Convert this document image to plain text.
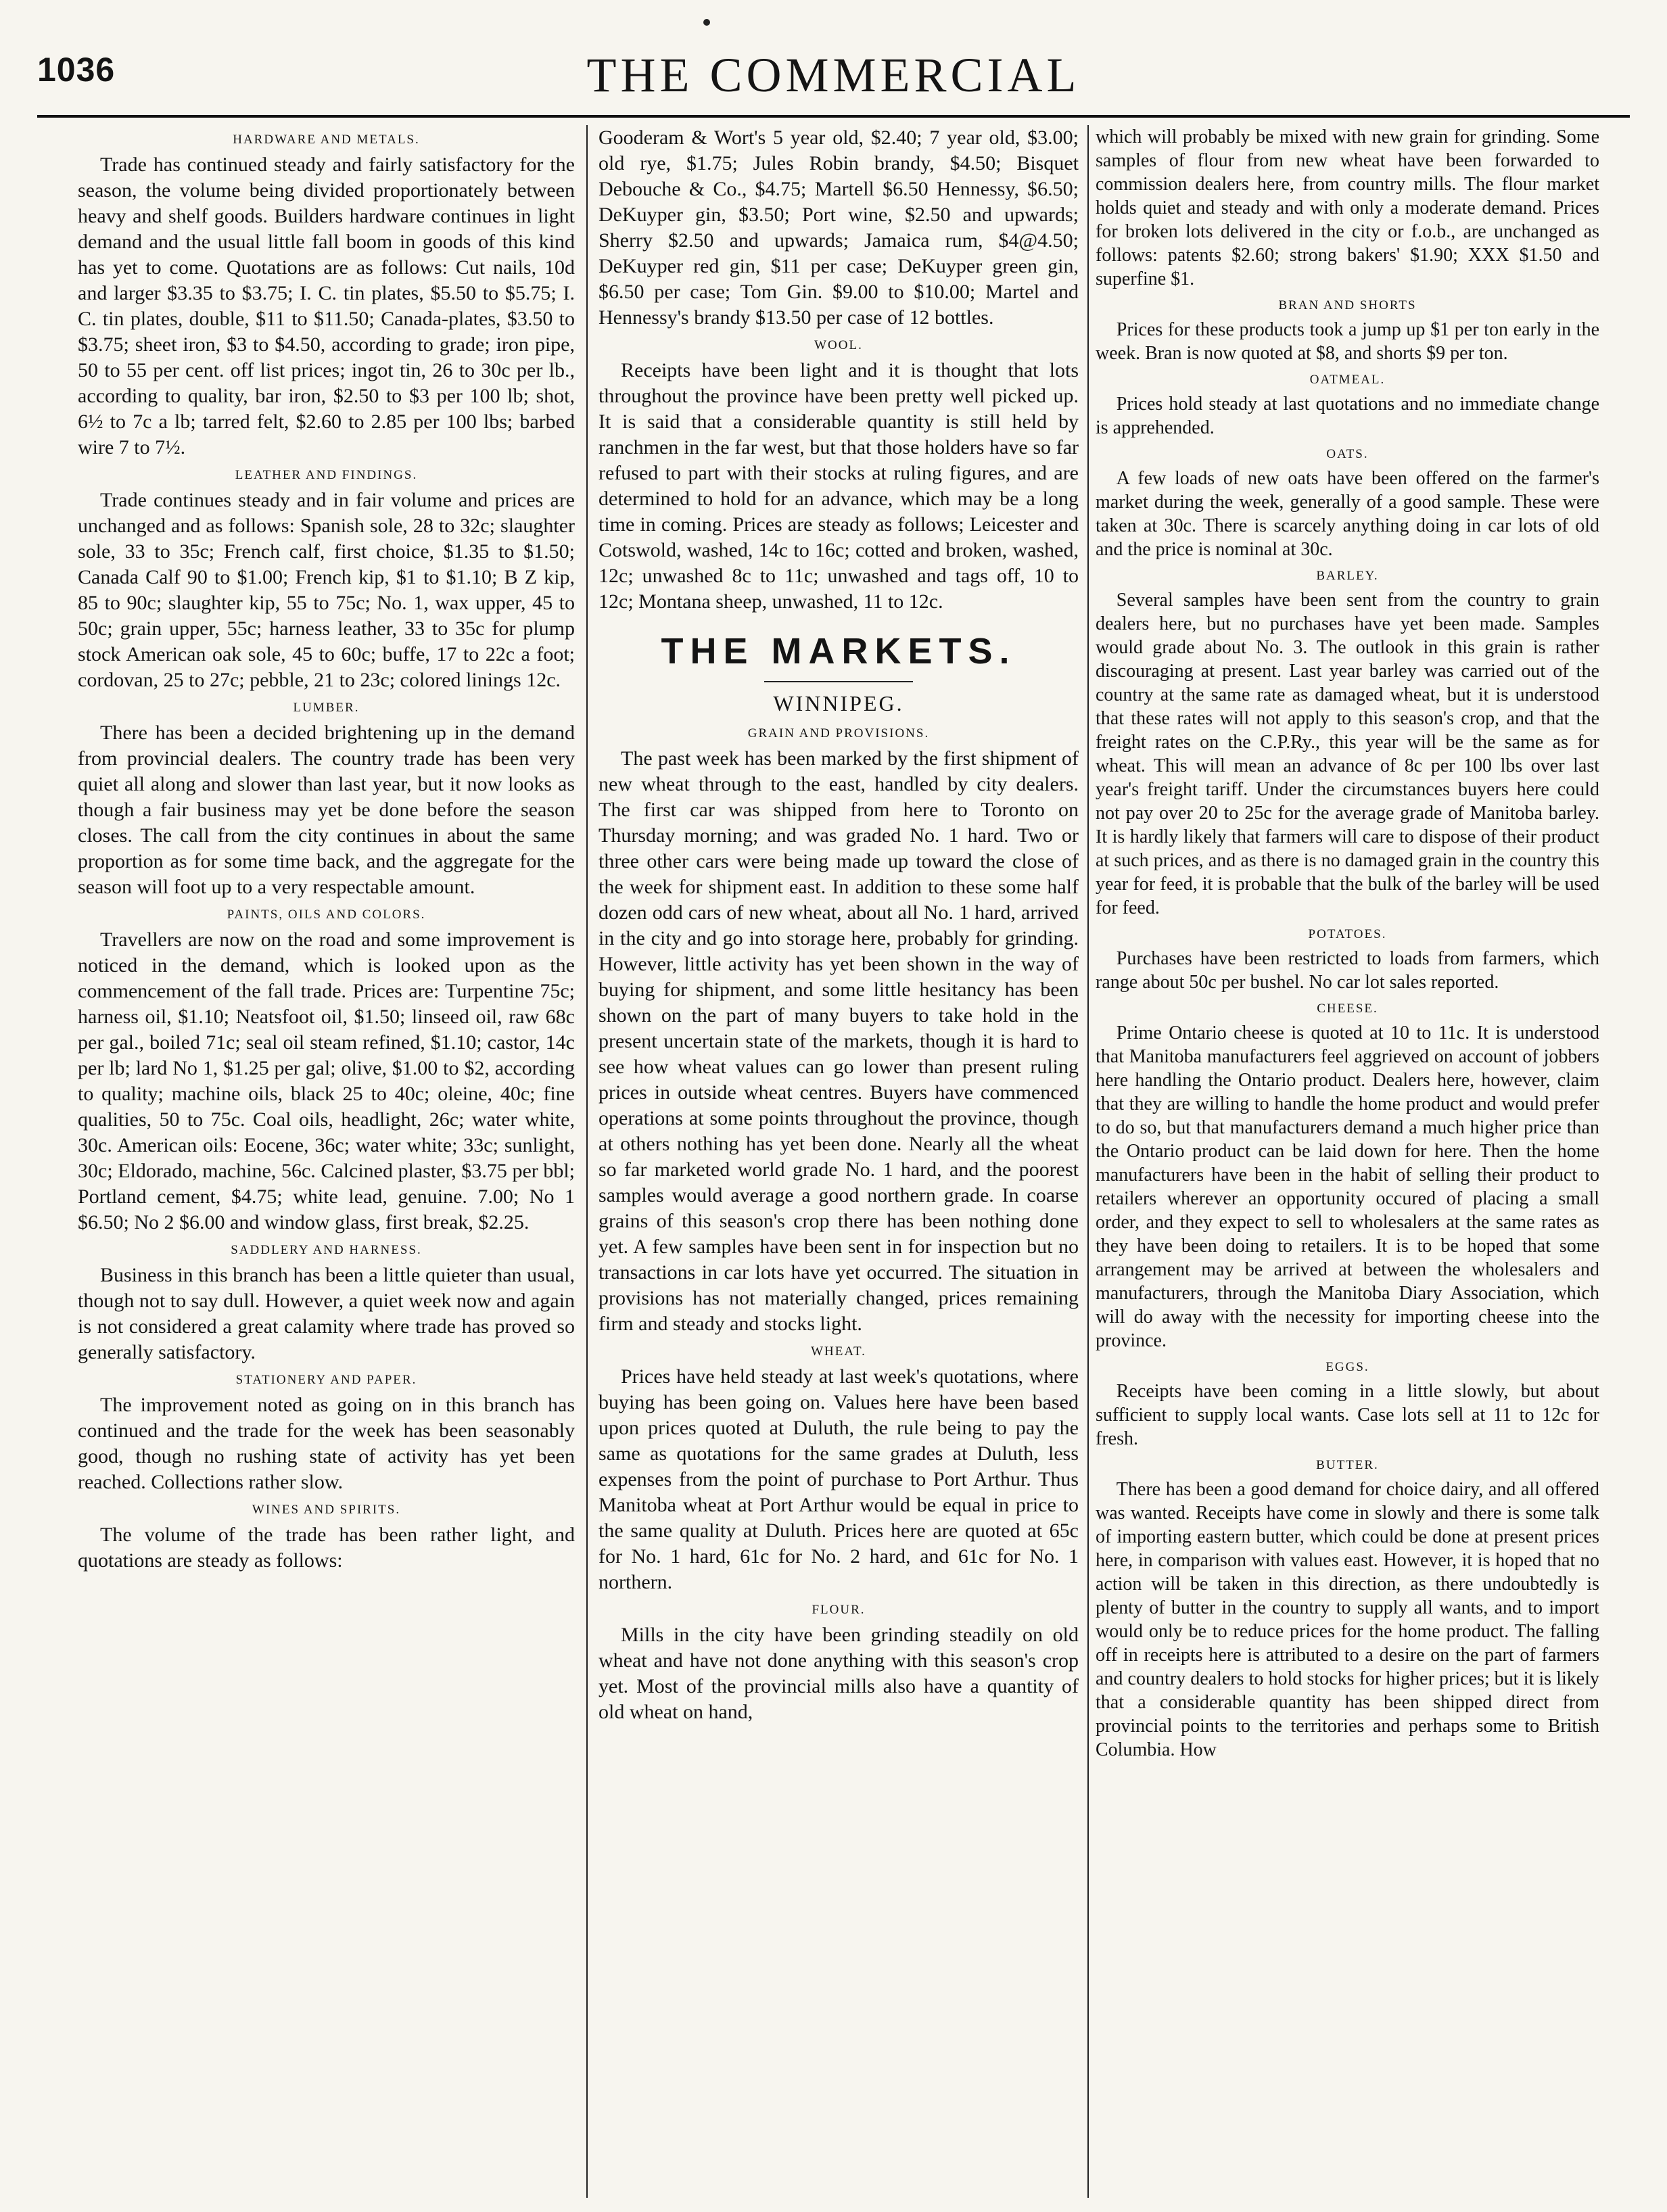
1036	THE COMMERCIAL
HARDWARE AND METALS.

Trade has continued steady and fairly satisfactory for the season, the volume being divided proportionately between heavy and shelf goods. Builders hardware continues in light demand and the usual little fall boom in goods of this kind has yet to come. Quotations are as follows: Cut nails, 10d and larger $3.35 to $3.75; I. C. tin plates, $5.50 to $5.75; I. C. tin plates, double, $11 to $11.50; Canada-plates, $3.50 to $3.75; sheet iron, $3 to $4.50, according to grade; iron pipe, 50 to 55 per cent. off list prices; ingot tin, 26 to 30c per lb., according to quality, bar iron, $2.50 to $3 per 100 lb; shot, 6½ to 7c a lb; tarred felt, $2.60 to 2.85 per 100 lbs; barbed wire 7 to 7½.

LEATHER AND FINDINGS.

Trade continues steady and in fair volume and prices are unchanged and as follows: Spanish sole, 28 to 32c; slaughter sole, 33 to 35c; French calf, first choice, $1.35 to $1.50; Canada Calf 90 to $1.00; French kip, $1 to $1.10; B Z kip, 85 to 90c; slaughter kip, 55 to 75c; No. 1, wax upper, 45 to 50c; grain upper, 55c; harness leather, 33 to 35c for plump stock American oak sole, 45 to 60c; buffe, 17 to 22c a foot; cordovan, 25 to 27c; pebble, 21 to 23c; colored linings 12c.

LUMBER.

There has been a decided brightening up in the demand from provincial dealers. The country trade has been very quiet all along and slower than last year, but it now looks as though a fair business may yet be done before the season closes. The call from the city continues in about the same proportion as for some time back, and the aggregate for the season will foot up to a very respectable amount.

PAINTS, OILS AND COLORS.

Travellers are now on the road and some improvement is noticed in the demand, which is looked upon as the commencement of the fall trade. Prices are: Turpentine 75c; harness oil, $1.10; Neatsfoot oil, $1.50; linseed oil, raw 68c per gal., boiled 71c; seal oil steam refined, $1.10; castor, 14c per lb; lard No 1, $1.25 per gal; olive, $1.00 to $2, according to quality; machine oils, black 25 to 40c; oleine, 40c; fine qualities, 50 to 75c. Coal oils, headlight, 26c; water white, 30c. American oils: Eocene, 36c; water white; 33c; sunlight, 30c; Eldorado, machine, 56c. Calcined plaster, $3.75 per bbl; Portland cement, $4.75; white lead, genuine. 7.00; No 1 $6.50; No 2 $6.00 and window glass, first break, $2.25.

SADDLERY AND HARNESS.

Business in this branch has been a little quieter than usual, though not to say dull. However, a quiet week now and again is not considered a great calamity where trade has proved so generally satisfactory.

STATIONERY AND PAPER.

The improvement noted as going on in this branch has continued and the trade for the week has been seasonably good, though no rushing state of activity has yet been reached. Collections rather slow.

WINES AND SPIRITS.

The volume of the trade has been rather light, and quotations are steady as follows:

Gooderam & Wort's 5 year old, $2.40; 7 year old, $3.00; old rye, $1.75; Jules Robin brandy, $4.50; Bisquet Debouche & Co., $4.75; Martell $6.50 Hennessy, $6.50; DeKuyper gin, $3.50; Port wine, $2.50 and upwards; Sherry $2.50 and upwards; Jamaica rum, $4@4.50; DeKuyper red gin, $11 per case; DeKuyper green gin, $6.50 per case; Tom Gin. $9.00 to $10.00; Martel and Hennessy's brandy $13.50 per case of 12 bottles.

WOOL.

Receipts have been light and it is thought that lots throughout the province have been pretty well picked up. It is said that a considerable quantity is still held by ranchmen in the far west, but that those holders have so far refused to part with their stocks at ruling figures, and are determined to hold for an advance, which may be a long time in coming. Prices are steady as follows; Leicester and Cotswold, washed, 14c to 16c; cotted and broken, washed, 12c; unwashed 8c to 11c; unwashed and tags off, 10 to 12c; Montana sheep, unwashed, 11 to 12c.

THE MARKETS.
WINNIPEG.
GRAIN AND PROVISIONS.

The past week has been marked by the first shipment of new wheat through to the east, handled by city dealers. The first car was shipped from here to Toronto on Thursday morning; and was graded No. 1 hard. Two or three other cars were being made up toward the close of the week for shipment east. In addition to these some half dozen odd cars of new wheat, about all No. 1 hard, arrived in the city and go into storage here, probably for grinding. However, little activity has yet been shown in the way of buying for shipment, and some little hesitancy has been shown on the part of many buyers to take hold in the present uncertain state of the markets, though it is hard to see how wheat values can go lower than present ruling prices in outside wheat centres. Buyers have commenced operations at some points throughout the province, though at others nothing has yet been done. Nearly all the wheat so far marketed world grade No. 1 hard, and the poorest samples would average a good northern grade. In coarse grains of this season's crop there has been nothing done yet. A few samples have been sent in for inspection but no transactions in car lots have yet occurred. The situation in provisions has not materially changed, prices remaining firm and steady and stocks light.

WHEAT.

Prices have held steady at last week's quotations, where buying has been going on. Values here have been based upon prices quoted at Duluth, the rule being to pay the same as quotations for the same grades at Duluth, less expenses from the point of purchase to Port Arthur. Thus Manitoba wheat at Port Arthur would be equal in price to the same quality at Duluth. Prices here are quoted at 65c for No. 1 hard, 61c for No. 2 hard, and 61c for No. 1 northern.

FLOUR.

Mills in the city have been grinding steadily on old wheat and have not done anything with this season's crop yet. Most of the provincial mills also have a quantity of old wheat on hand,

which will probably be mixed with new grain for grinding. Some samples of flour from new wheat have been forwarded to commission dealers here, from country mills. The flour market holds quiet and steady and with only a moderate demand. Prices for broken lots delivered in the city or f.o.b., are unchanged as follows: patents $2.60; strong bakers' $1.90; XXX $1.50 and superfine $1.

BRAN AND SHORTS

Prices for these products took a jump up $1 per ton early in the week. Bran is now quoted at $8, and shorts $9 per ton.

OATMEAL.

Prices hold steady at last quotations and no immediate change is apprehended.

OATS.

A few loads of new oats have been offered on the farmer's market during the week, generally of a good sample. These were taken at 30c. There is scarcely anything doing in car lots of old and the price is nominal at 30c.

BARLEY.

Several samples have been sent from the country to grain dealers here, but no purchases have yet been made. Samples would grade about No. 3. The outlook in this grain is rather discouraging at present. Last year barley was carried out of the country at the same rate as damaged wheat, but it is understood that these rates will not apply to this season's crop, and that the freight rates on the C.P.Ry., this year will be the same as for wheat. This will mean an advance of 8c per 100 lbs over last year's freight tariff. Under the circumstances buyers here could not pay over 20 to 25c for the average grade of Manitoba barley. It is hardly likely that farmers will care to dispose of their product at such prices, and as there is no damaged grain in the country this year for feed, it is probable that the bulk of the barley will be used for feed.

POTATOES.

Purchases have been restricted to loads from farmers, which range about 50c per bushel. No car lot sales reported.

CHEESE.

Prime Ontario cheese is quoted at 10 to 11c. It is understood that Manitoba manufacturers feel aggrieved on account of jobbers here handling the Ontario product. Dealers here, however, claim that they are willing to handle the home product and would prefer to do so, but that manufacturers demand a much higher price than the Ontario product can be laid down for here. Then the home manufacturers have been in the habit of selling their product to retailers wherever an opportunity occured of placing a small order, and they expect to sell to wholesalers at the same rates as they have been doing to retailers. It is to be hoped that some arrangement may be arrived at between the wholesalers and manufacturers, through the Manitoba Diary Association, which will do away with the necessity for importing cheese into the province.

EGGS.

Receipts have been coming in a little slowly, but about sufficient to supply local wants. Case lots sell at 11 to 12c for fresh.

BUTTER.

There has been a good demand for choice dairy, and all offered was wanted. Receipts have come in slowly and there is some talk of importing eastern butter, which could be done at present prices here, in comparison with values east. However, it is hoped that no action will be taken in this direction, as there undoubtedly is plenty of butter in the country to supply all wants, and to import would only be to reduce prices for the home product. The falling off in receipts here is attributed to a desire on the part of farmers and country dealers to hold stocks for higher prices; but it is likely that a considerable quantity has been shipped direct from provincial points to the territories and perhaps some to British Columbia. How
